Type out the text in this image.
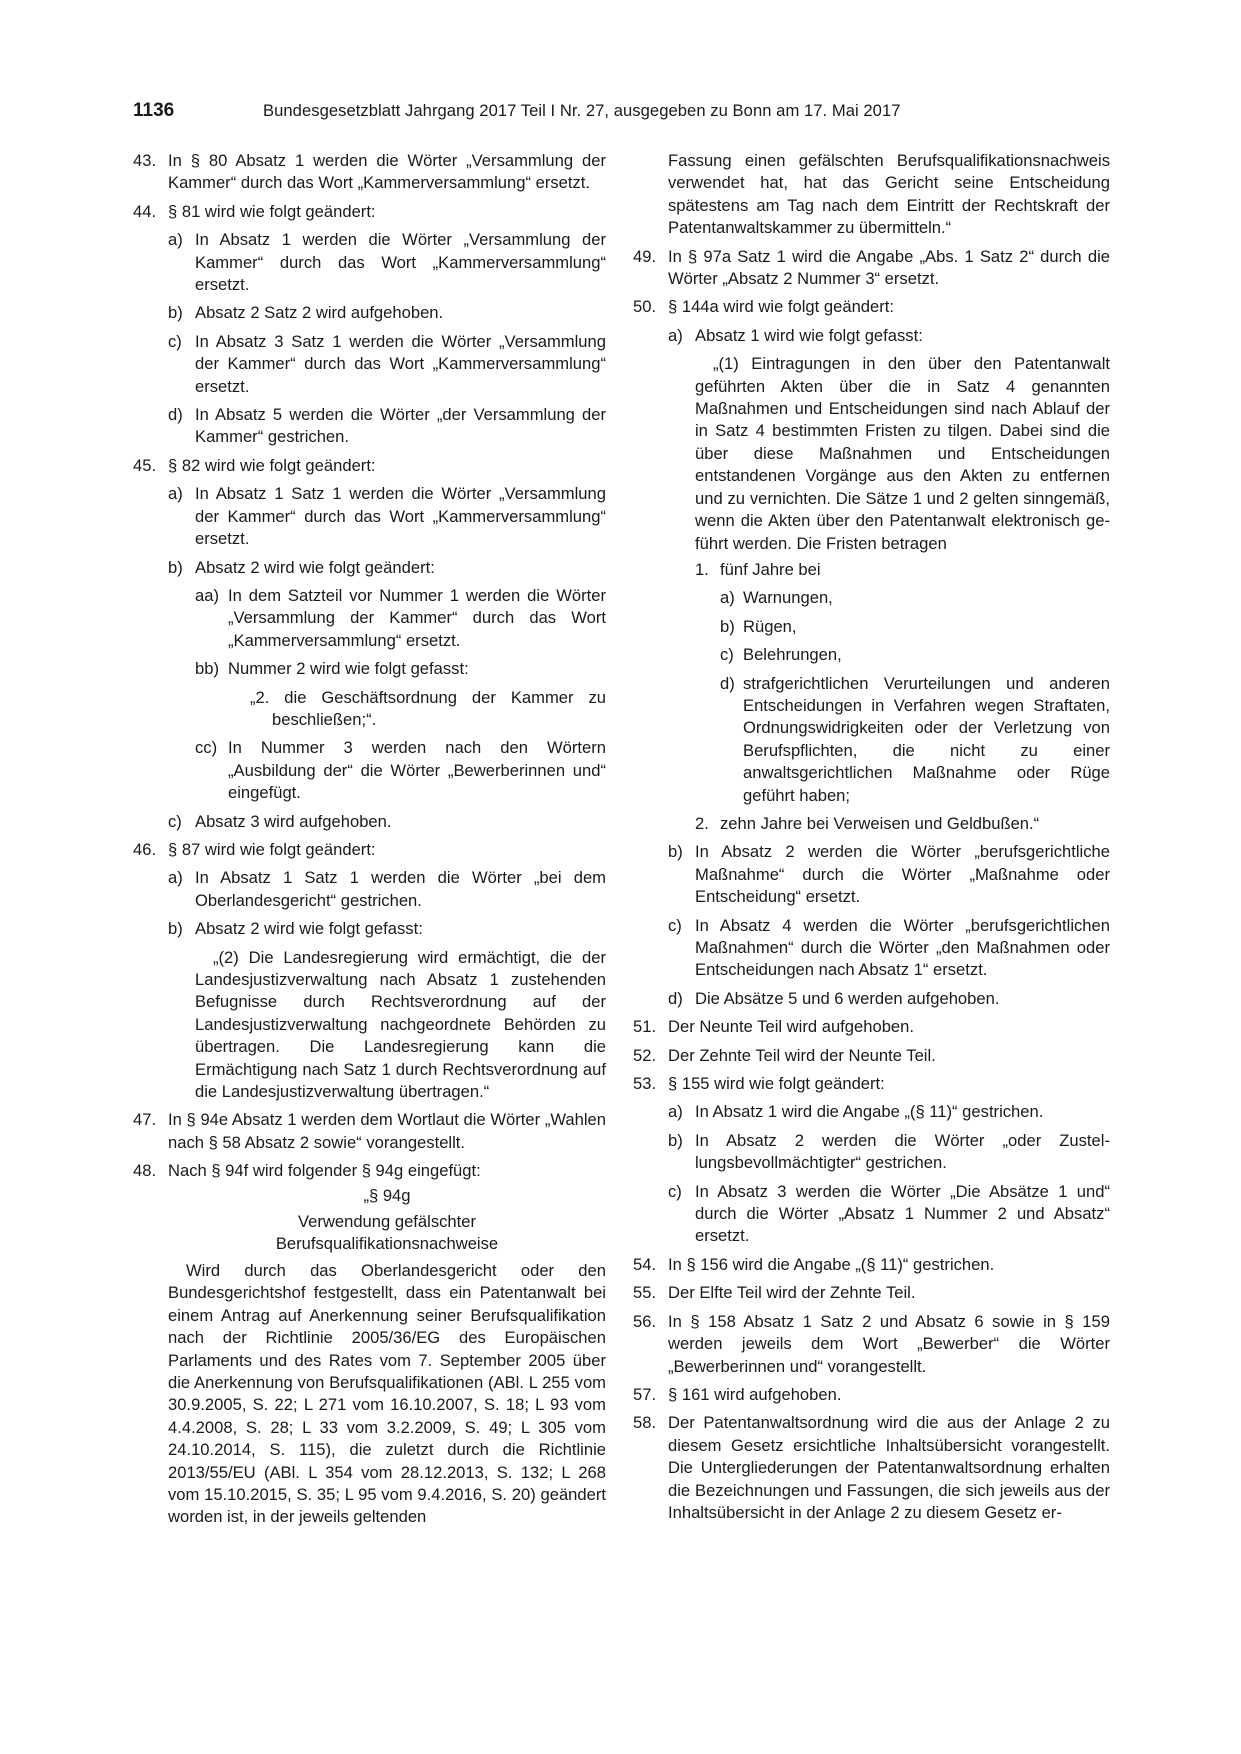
1136	Bundesgesetzblatt Jahrgang 2017 Teil I Nr. 27, ausgegeben zu Bonn am 17. Mai 2017
43. In § 80 Absatz 1 werden die Wörter „Versammlung der Kammer“ durch das Wort „Kammerversammlung“ ersetzt.
44. § 81 wird wie folgt geändert:
a) In Absatz 1 werden die Wörter „Versammlung der Kammer“ durch das Wort „Kammerversammlung“ ersetzt.
b) Absatz 2 Satz 2 wird aufgehoben.
c) In Absatz 3 Satz 1 werden die Wörter „Versammlung der Kammer“ durch das Wort „Kammerversammlung“ ersetzt.
d) In Absatz 5 werden die Wörter „der Versammlung der Kammer“ gestrichen.
45. § 82 wird wie folgt geändert:
a) In Absatz 1 Satz 1 werden die Wörter „Versammlung der Kammer“ durch das Wort „Kammerversammlung“ ersetzt.
b) Absatz 2 wird wie folgt geändert:
aa) In dem Satzteil vor Nummer 1 werden die Wörter „Versammlung der Kammer“ durch das Wort „Kammerversammlung“ ersetzt.
bb) Nummer 2 wird wie folgt gefasst:

„2. die Geschäftsordnung der Kammer zu beschließen;“.

cc) In Nummer 3 werden nach den Wörtern „Ausbildung der“ die Wörter „Bewerberinnen und“ eingefügt.
c) Absatz 3 wird aufgehoben.
46. § 87 wird wie folgt geändert:
a) In Absatz 1 Satz 1 werden die Wörter „bei dem Oberlandesgericht“ gestrichen.
b) Absatz 2 wird wie folgt gefasst:

„(2) Die Landesregierung wird ermächtigt, die der Landesjustizverwaltung nach Absatz 1 zustehenden Befugnisse durch Rechtsverordnung auf der Landesjustizverwaltung nachgeordnete Behörden zu übertragen. Die Landesregierung kann die Ermächtigung nach Satz 1 durch Rechtsverordnung auf die Landesjustizverwaltung übertragen.“

47. In § 94e Absatz 1 werden dem Wortlaut die Wörter „Wahlen nach § 58 Absatz 2 sowie“ vorangestellt.
48. Nach § 94f wird folgender § 94g eingefügt:

„§ 94g

Verwendung gefälschter

Berufsqualifikationsnachweise

Wird durch das Oberlandesgericht oder den Bundesgerichtshof festgestellt, dass ein Patentanwalt bei einem Antrag auf Anerkennung seiner Berufsqualifikation nach der Richtlinie 2005/36/EG des Europäischen Parlaments und des Rates vom 7. September 2005 über die Anerkennung von Berufsqualifikationen (ABl. L 255 vom 30.9.2005, S. 22; L 271 vom 16.10.2007, S. 18; L 93 vom 4.4.2008, S. 28; L 33 vom 3.2.2009, S. 49; L 305 vom 24.10.2014, S. 115), die zuletzt durch die Richtlinie 2013/55/EU (ABl. L 354 vom 28.12.2013, S. 132; L 268 vom 15.10.2015, S. 35; L 95 vom 9.4.2016, S. 20) geändert worden ist, in der jeweils geltenden

Fassung einen gefälschten Berufsqualifikationsnachweis verwendet hat, hat das Gericht seine Entscheidung spätestens am Tag nach dem Eintritt der Rechtskraft der Patentanwaltskammer zu übermitteln.“

49. In § 97a Satz 1 wird die Angabe „Abs. 1 Satz 2“ durch die Wörter „Absatz 2 Nummer 3“ ersetzt.
50. § 144a wird wie folgt geändert:
a) Absatz 1 wird wie folgt gefasst:

„(1) Eintragungen in den über den Patentanwalt geführten Akten über die in Satz 4 genannten Maßnahmen und Entscheidungen sind nach Ablauf der in Satz 4 bestimmten Fristen zu tilgen. Dabei sind die über diese Maßnahmen und Entscheidungen entstandenen Vorgänge aus den Akten zu entfernen und zu vernichten. Die Sätze 1 und 2 gelten sinngemäß, wenn die Akten über den Patentanwalt elektronisch geführt werden. Die Fristen betragen

1. fünf Jahre bei
a) Warnungen,
b) Rügen,
c) Belehrungen,
d) strafgerichtlichen Verurteilungen und anderen Entscheidungen in Verfahren wegen Straftaten, Ordnungswidrigkeiten oder der Verletzung von Berufspflichten, die nicht zu einer anwaltsgerichtlichen Maßnahme oder Rüge geführt haben;
2. zehn Jahre bei Verweisen und Geldbußen.“
b) In Absatz 2 werden die Wörter „berufsgerichtliche Maßnahme“ durch die Wörter „Maßnahme oder Entscheidung“ ersetzt.
c) In Absatz 4 werden die Wörter „berufsgerichtlichen Maßnahmen“ durch die Wörter „den Maßnahmen oder Entscheidungen nach Absatz 1“ ersetzt.
d) Die Absätze 5 und 6 werden aufgehoben.
51. Der Neunte Teil wird aufgehoben.
52. Der Zehnte Teil wird der Neunte Teil.
53. § 155 wird wie folgt geändert:
a) In Absatz 1 wird die Angabe „(§ 11)“ gestrichen.
b) In Absatz 2 werden die Wörter „oder Zustellungsbevollmächtigter“ gestrichen.
c) In Absatz 3 werden die Wörter „Die Absätze 1 und“ durch die Wörter „Absatz 1 Nummer 2 und Absatz“ ersetzt.
54. In § 156 wird die Angabe „(§ 11)“ gestrichen.
55. Der Elfte Teil wird der Zehnte Teil.
56. In § 158 Absatz 1 Satz 2 und Absatz 6 sowie in § 159 werden jeweils dem Wort „Bewerber“ die Wörter „Bewerberinnen und“ vorangestellt.
57. § 161 wird aufgehoben.
58. Der Patentanwaltsordnung wird die aus der Anlage 2 zu diesem Gesetz ersichtliche Inhaltsübersicht vorangestellt. Die Untergliederungen der Patentanwaltsordnung erhalten die Bezeichnungen und Fassungen, die sich jeweils aus der Inhaltsübersicht in der Anlage 2 zu diesem Gesetz er-
